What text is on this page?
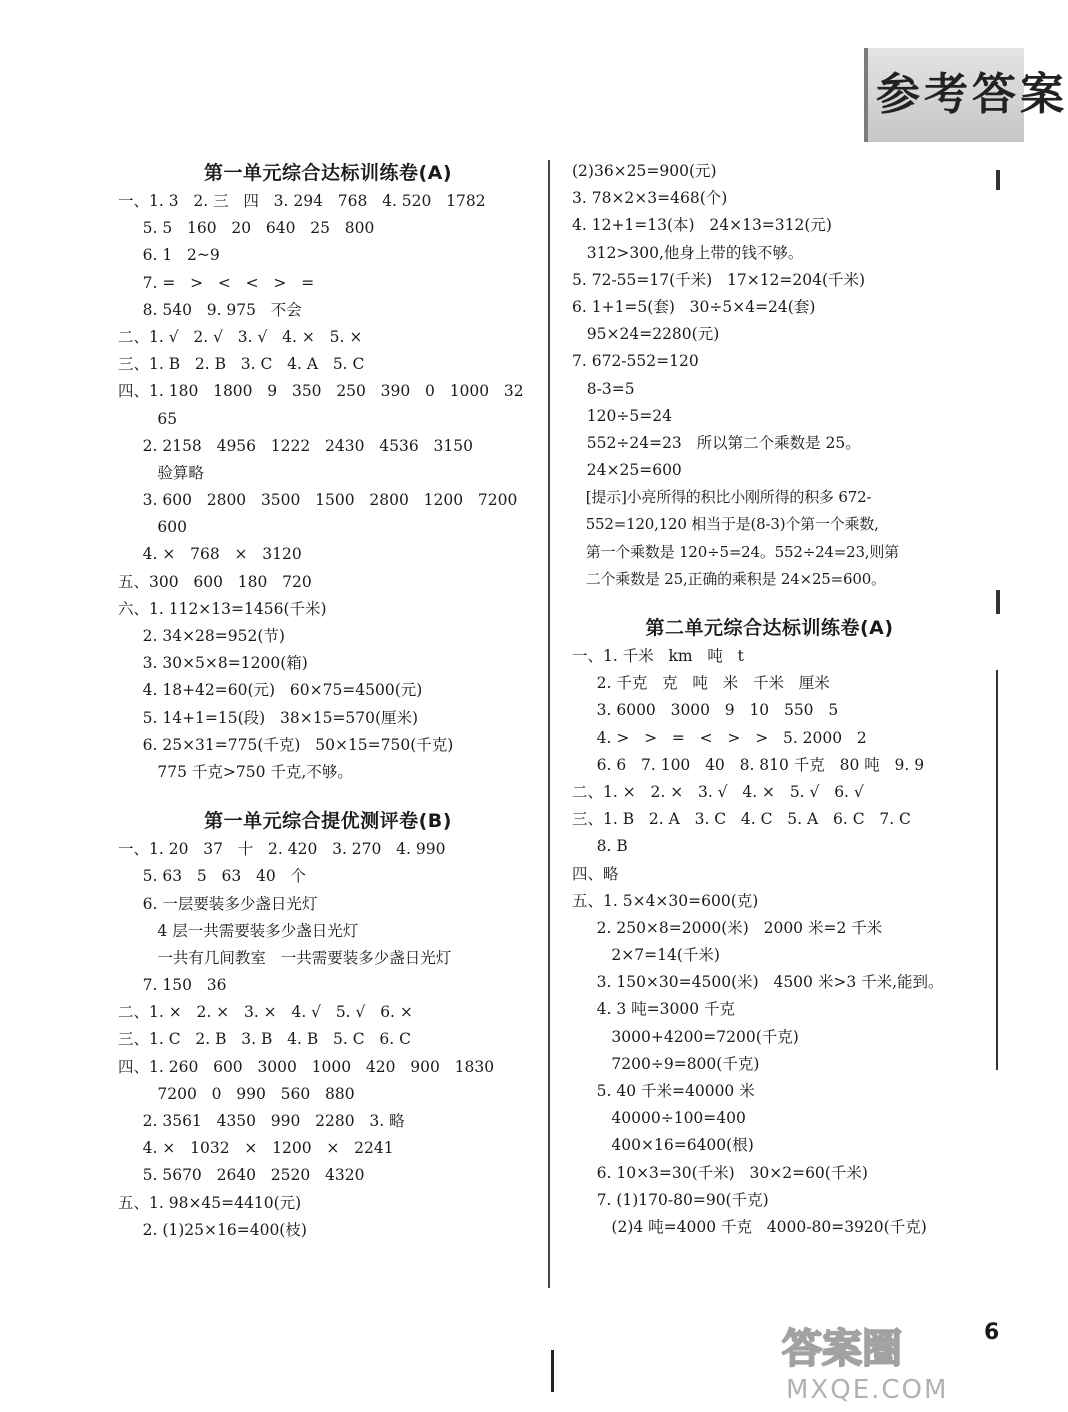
参考答案
第一单元综合达标训练卷(A)
一、1. 3   2. 三   四   3. 294   768   4. 520   1782
5. 5   160   20   640   25   800
6. 1   2~9
7. =   >   <   <   >   =
8. 540   9. 975   不会
二、1. √   2. √   3. √   4. ×   5. ×
三、1. B   2. B   3. C   4. A   5. C
四、1. 180   1800   9   350   250   390   0   1000   32
65
2. 2158   4956   1222   2430   4536   3150
验算略
3. 600   2800   3500   1500   2800   1200   7200
600
4. ×   768   ×   3120
五、300   600   180   720
六、1. 112×13=1456(千米)
2. 34×28=952(节)
3. 30×5×8=1200(箱)
4. 18+42=60(元)   60×75=4500(元)
5. 14+1=15(段)   38×15=570(厘米)
6. 25×31=775(千克)   50×15=750(千克)
775 千克>750 千克,不够。
第一单元综合提优测评卷(B)
一、1. 20   37   十   2. 420   3. 270   4. 990
5. 63   5   63   40   个
6. 一层要装多少盏日光灯
4 层一共需要装多少盏日光灯
一共有几间教室   一共需要装多少盏日光灯
7. 150   36
二、1. ×   2. ×   3. ×   4. √   5. √   6. ×
三、1. C   2. B   3. B   4. B   5. C   6. C
四、1. 260   600   3000   1000   420   900   1830
7200   0   990   560   880
2. 3561   4350   990   2280   3. 略
4. ×   1032   ×   1200   ×   2241
5. 5670   2640   2520   4320
五、1. 98×45=4410(元)
2. (1)25×16=400(枝)
(2)36×25=900(元)
3. 78×2×3=468(个)
4. 12+1=13(本)   24×13=312(元)
312>300,他身上带的钱不够。
5. 72-55=17(千米)   17×12=204(千米)
6. 1+1=5(套)   30÷5×4=24(套)
95×24=2280(元)
7. 672-552=120
8-3=5
120÷5=24
552÷24=23   所以第二个乘数是 25。
24×25=600
[提示]小亮所得的积比小刚所得的积多 672-
552=120,120 相当于是(8-3)个第一个乘数,
第一个乘数是 120÷5=24。552÷24=23,则第
二个乘数是 25,正确的乘积是 24×25=600。
第二单元综合达标训练卷(A)
一、1. 千米   km   吨   t
2. 千克   克   吨   米   千米   厘米
3. 6000   3000   9   10   550   5
4. >   >   =   <   >   >   5. 2000   2
6. 6   7. 100   40   8. 810 千克   80 吨   9. 9
二、1. ×   2. ×   3. √   4. ×   5. √   6. √
三、1. B   2. A   3. C   4. C   5. A   6. C   7. C
8. B
四、略
五、1. 5×4×30=600(克)
2. 250×8=2000(米)   2000 米=2 千米
2×7=14(千米)
3. 150×30=4500(米)   4500 米>3 千米,能到。
4. 3 吨=3000 千克
3000+4200=7200(千克)
7200÷9=800(千克)
5. 40 千米=40000 米
40000÷100=400
400×16=6400(根)
6. 10×3=30(千米)   30×2=60(千米)
7. (1)170-80=90(千克)
(2)4 吨=4000 千克   4000-80=3920(千克)
6
答案圈
MXQE.COM
